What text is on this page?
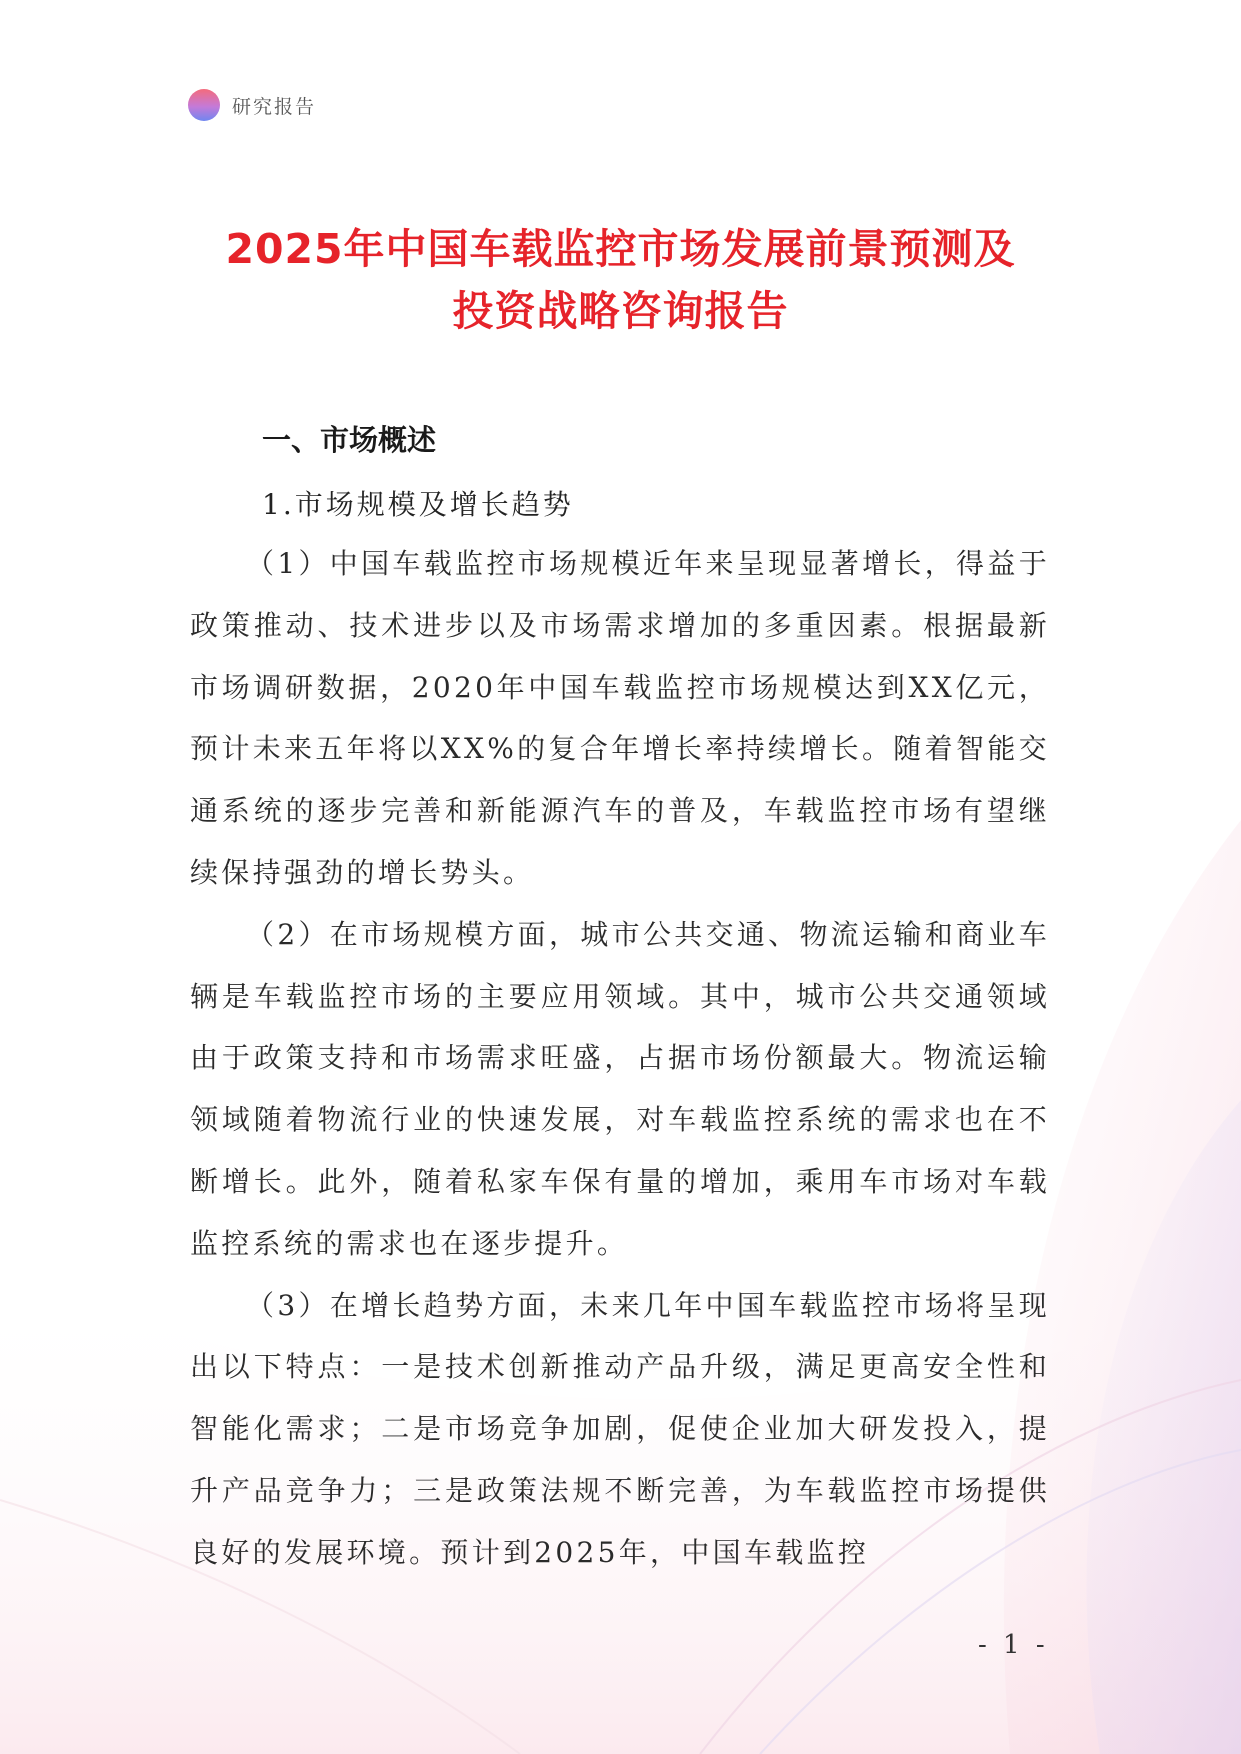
研究报告
2025年中国车载监控市场发展前景预测及
投资战略咨询报告
一、市场概述
1.市场规模及增长趋势

（1）中国车载监控市场规模近年来呈现显著增长，得益于政策推动、技术进步以及市场需求增加的多重因素。根据最新市场调研数据，2020年中国车载监控市场规模达到XX亿元，预计未来五年将以XX%的复合年增长率持续增长。随着智能交通系统的逐步完善和新能源汽车的普及，车载监控市场有望继续保持强劲的增长势头。

（2）在市场规模方面，城市公共交通、物流运输和商业车辆是车载监控市场的主要应用领域。其中，城市公共交通领域由于政策支持和市场需求旺盛，占据市场份额最大。物流运输领域随着物流行业的快速发展，对车载监控系统的需求也在不断增长。此外，随着私家车保有量的增加，乘用车市场对车载监控系统的需求也在逐步提升。

（3）在增长趋势方面，未来几年中国车载监控市场将呈现出以下特点：一是技术创新推动产品升级，满足更高安全性和智能化需求；二是市场竞争加剧，促使企业加大研发投入，提升产品竞争力；三是政策法规不断完善，为车载监控市场提供良好的发展环境。预计到2025年，中国车载监控

- 1 -
